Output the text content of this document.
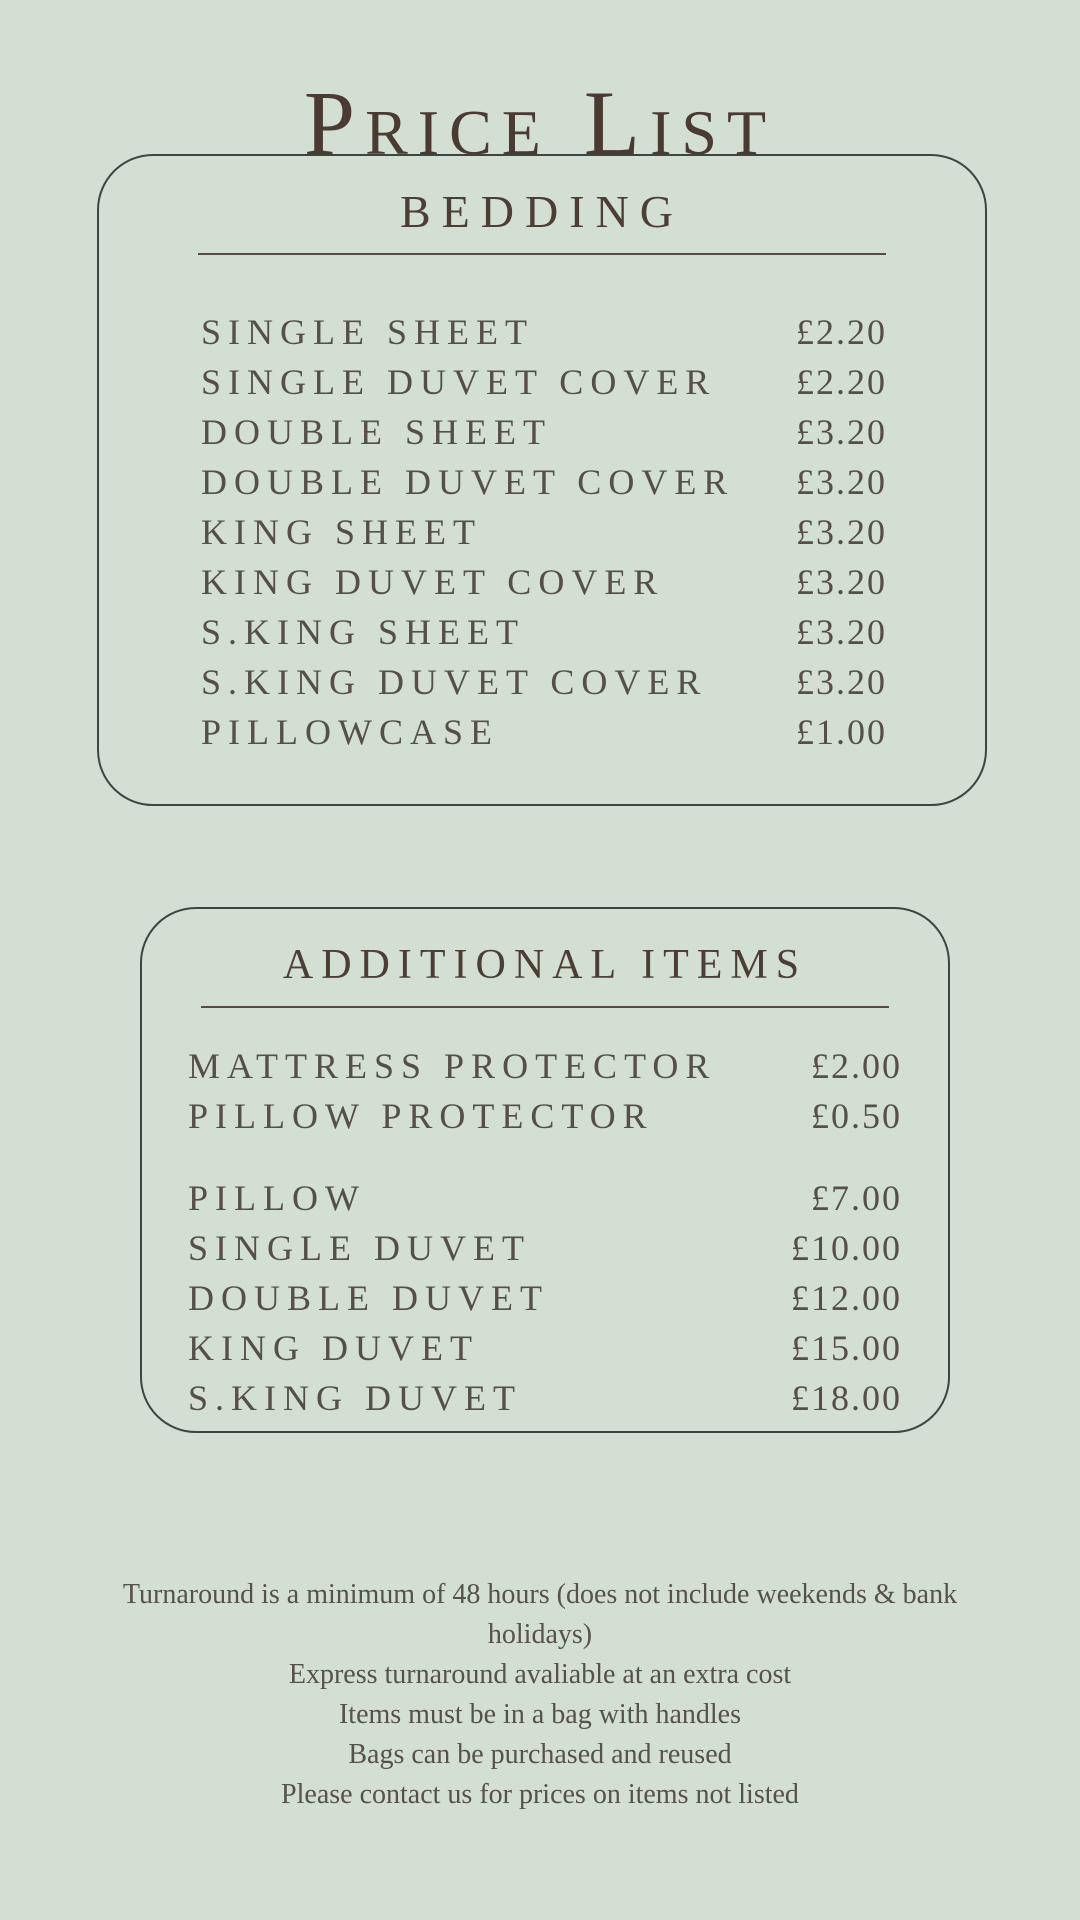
Price List
BEDDING
SINGLE SHEET	£2.20
SINGLE DUVET COVER £2.20
DOUBLE SHEET	£3.20
DOUBLE DUVET COVER £3.20
KING SHEET	£3.20
KING DUVET COVER	£3.20
S.KING SHEET	£3.20
S.KING DUVET COVER £3.20
PILLOWCASE	£1.00
ADDITIONAL ITEMS
MATTRESS PROTECTOR	£2.00
PILLOW PROTECTOR	£0.50
PILLOW	£7.00
SINGLE DUVET	£10.00
DOUBLE DUVET	£12.00
KING DUVET	£15.00
S.KING DUVET	£18.00
Turnaround is a minimum of 48 hours (does not include weekends & bank holidays)
Express turnaround avaliable at an extra cost
Items must be in a bag with handles
Bags can be purchased and reused
Please contact us for prices on items not listed
